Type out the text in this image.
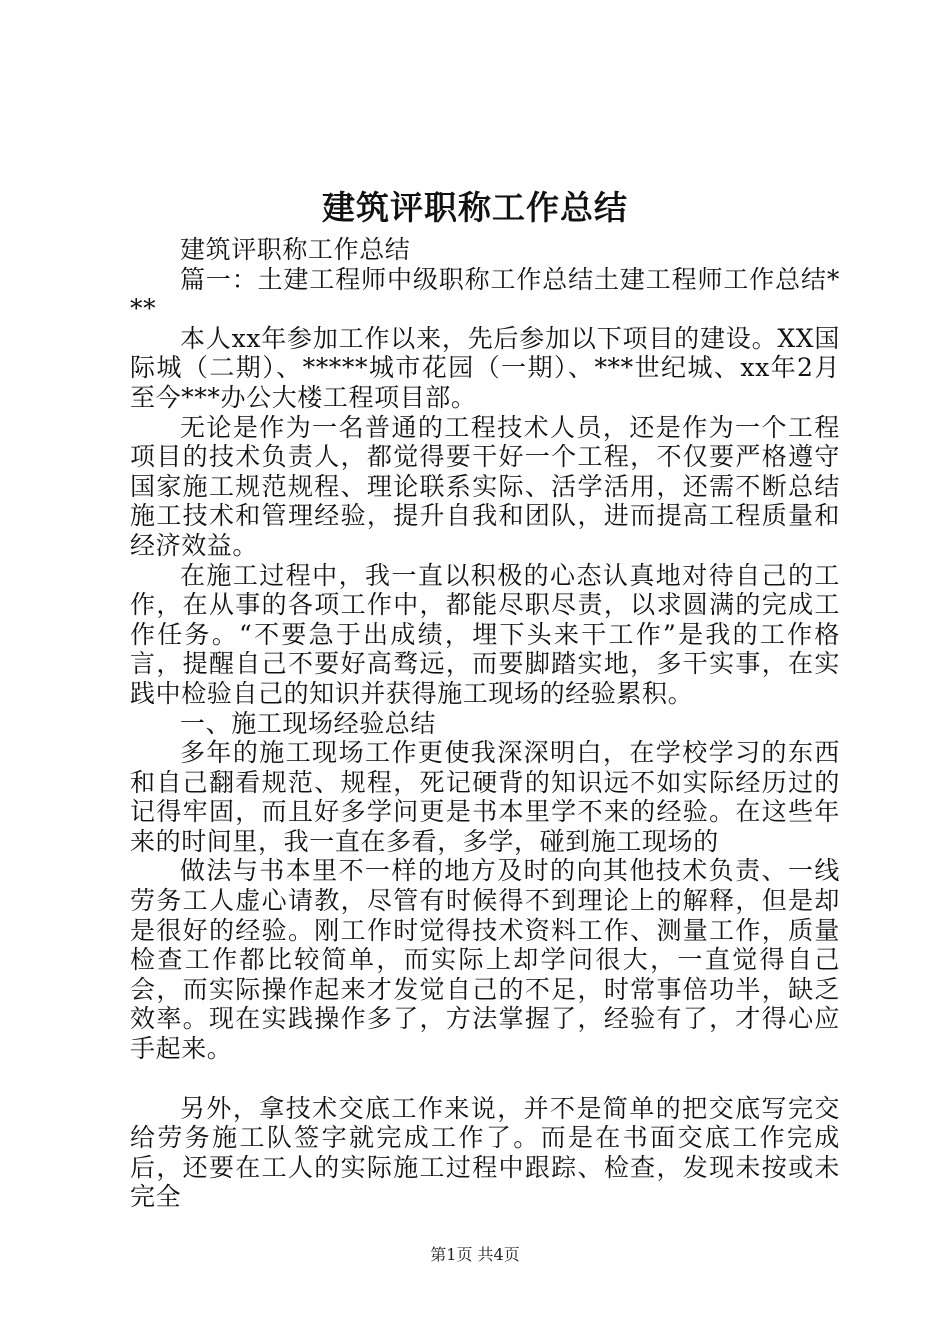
建筑评职称工作总结

建筑评职称工作总结

篇一：土建工程师中级职称工作总结土建工程师工作总结***

本人xx年参加工作以来，先后参加以下项目的建设。XX国际城（二期）、*****城市花园（一期）、***世纪城、xx年2月至今***办公大楼工程项目部。

无论是作为一名普通的工程技术人员，还是作为一个工程项目的技术负责人，都觉得要干好一个工程，不仅要严格遵守国家施工规范规程、理论联系实际、活学活用，还需不断总结施工技术和管理经验，提升自我和团队，进而提高工程质量和经济效益。

在施工过程中，我一直以积极的心态认真地对待自己的工作，在从事的各项工作中，都能尽职尽责，以求圆满的完成工作任务。“不要急于出成绩，埋下头来干工作”是我的工作格言，提醒自己不要好高骛远，而要脚踏实地，多干实事，在实践中检验自己的知识并获得施工现场的经验累积。

一、施工现场经验总结

多年的施工现场工作更使我深深明白，在学校学习的东西和自己翻看规范、规程，死记硬背的知识远不如实际经历过的记得牢固，而且好多学问更是书本里学不来的经验。在这些年来的时间里，我一直在多看，多学，碰到施工现场的

做法与书本里不一样的地方及时的向其他技术负责、一线劳务工人虚心请教，尽管有时候得不到理论上的解释，但是却是很好的经验。刚工作时觉得技术资料工作、测量工作，质量检查工作都比较简单，而实际上却学问很大，一直觉得自己会，而实际操作起来才发觉自己的不足，时常事倍功半，缺乏效率。现在实践操作多了，方法掌握了，经验有了，才得心应手起来。

另外，拿技术交底工作来说，并不是简单的把交底写完交给劳务施工队签字就完成工作了。而是在书面交底工作完成后，还要在工人的实际施工过程中跟踪、检查，发现未按或未完全

第1页 共4页
